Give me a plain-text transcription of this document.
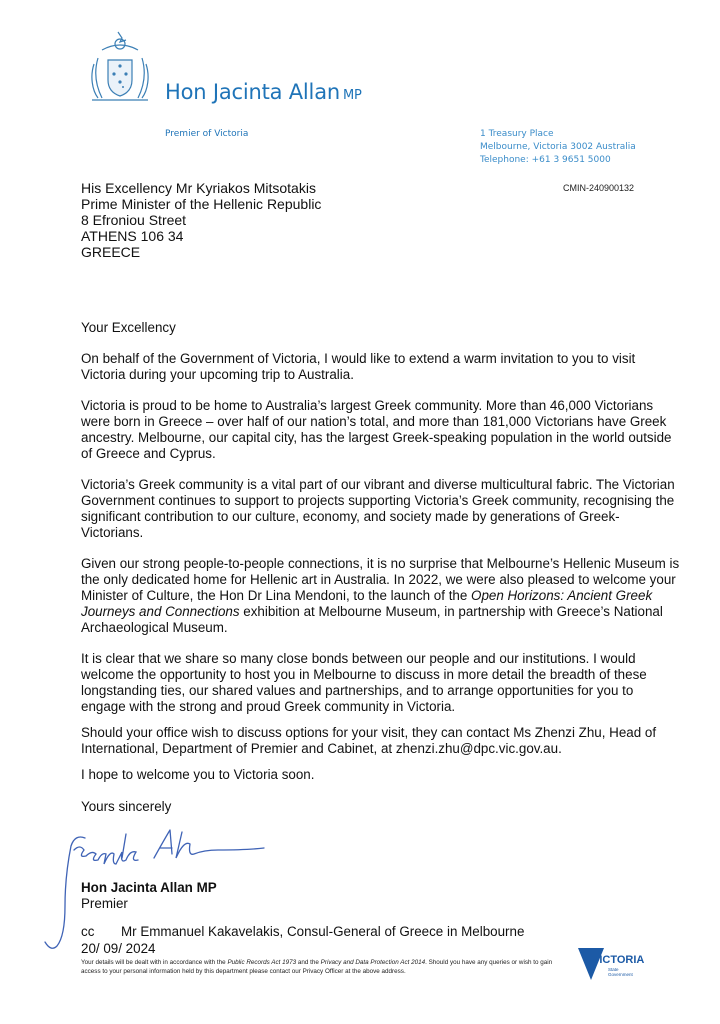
Hon Jacinta Allan MP
Premier of Victoria	1 Treasury Place
Melbourne, Victoria 3002 Australia
Telephone: +61 3 9651 5000
CMIN-240900132
His Excellency Mr Kyriakos Mitsotakis
Prime Minister of the Hellenic Republic
8 Efroniou Street
ATHENS 106 34
GREECE

Your Excellency

On behalf of the Government of Victoria, I would like to extend a warm invitation to you to visit Victoria during your upcoming trip to Australia.

Victoria is proud to be home to Australia’s largest Greek community. More than 46,000 Victorians were born in Greece – over half of our nation’s total, and more than 181,000 Victorians have Greek ancestry. Melbourne, our capital city, has the largest Greek-speaking population in the world outside of Greece and Cyprus.

Victoria’s Greek community is a vital part of our vibrant and diverse multicultural fabric. The Victorian Government continues to support to projects supporting Victoria’s Greek community, recognising the significant contribution to our culture, economy, and society made by generations of Greek-Victorians.

Given our strong people-to-people connections, it is no surprise that Melbourne’s Hellenic Museum is the only dedicated home for Hellenic art in Australia. In 2022, we were also pleased to welcome your Minister of Culture, the Hon Dr Lina Mendoni, to the launch of the Open Horizons: Ancient Greek Journeys and Connections exhibition at Melbourne Museum, in partnership with Greece’s National Archaeological Museum.

It is clear that we share so many close bonds between our people and our institutions. I would welcome the opportunity to host you in Melbourne to discuss in more detail the breadth of these longstanding ties, our shared values and partnerships, and to arrange opportunities for you to engage with the strong and proud Greek community in Victoria.

Should your office wish to discuss options for your visit, they can contact Ms Zhenzi Zhu, Head of International, Department of Premier and Cabinet, at zhenzi.zhu@dpc.vic.gov.au.

I hope to welcome you to Victoria soon.

Yours sincerely
Hon Jacinta Allan MP
Premier
cc Mr Emmanuel Kakavelakis, Consul-General of Greece in Melbourne
20/ 09/ 2024
Your details will be dealt with in accordance with the Public Records Act 1973 and the Privacy and Data Protection Act 2014. Should you have any queries or wish to gain access to your personal information held by this department please contact our Privacy Officer at the above address.
VICTORIA
State
Government
